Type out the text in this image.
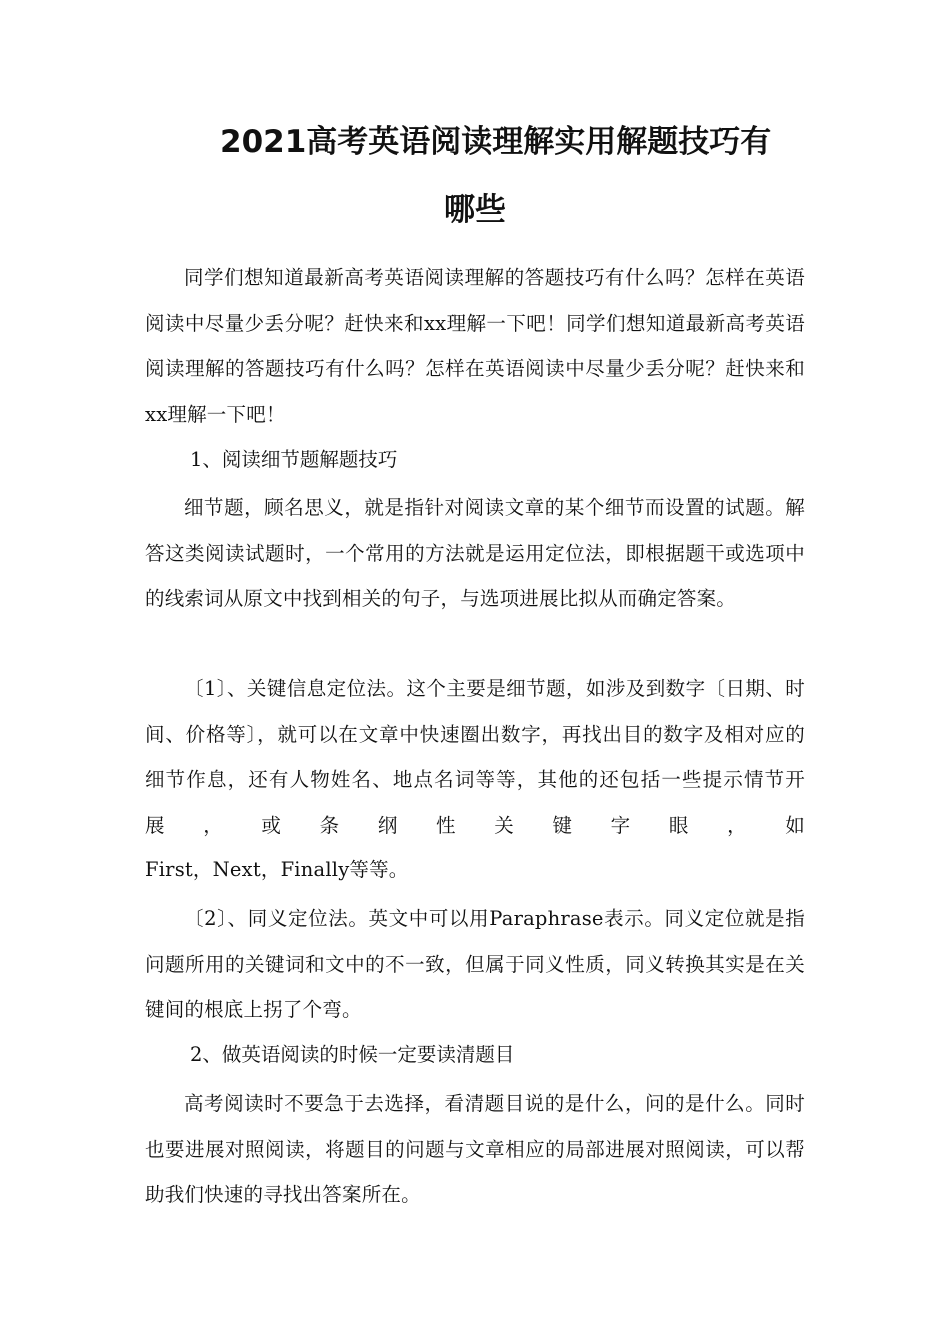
2021高考英语阅读理解实用解题技巧有
哪些

同学们想知道最新高考英语阅读理解的答题技巧有什么吗？怎样在英语阅读中尽量少丢分呢？赶快来和xx理解一下吧！同学们想知道最新高考英语阅读理解的答题技巧有什么吗？怎样在英语阅读中尽量少丢分呢？赶快来和xx理解一下吧！

1、阅读细节题解题技巧

细节题，顾名思义，就是指针对阅读文章的某个细节而设置的试题。解答这类阅读试题时，一个常用的方法就是运用定位法，即根据题干或选项中的线索词从原文中找到相关的句子，与选项进展比拟从而确定答案。

〔1〕、关键信息定位法。这个主要是细节题，如涉及到数字〔日期、时间、价格等〕，就可以在文章中快速圈出数字，再找出目的数字及相对应的细节作息，还有人物姓名、地点名词等等，其他的还包括一些提示情节开展，或条纲性关键字眼，如

First，Next，Finally等等。

〔2〕、同义定位法。英文中可以用Paraphrase表示。同义定位就是指问题所用的关键词和文中的不一致，但属于同义性质，同义转换其实是在关键间的根底上拐了个弯。

2、做英语阅读的时候一定要读清题目

高考阅读时不要急于去选择，看清题目说的是什么，问的是什么。同时也要进展对照阅读，将题目的问题与文章相应的局部进展对照阅读，可以帮助我们快速的寻找出答案所在。
